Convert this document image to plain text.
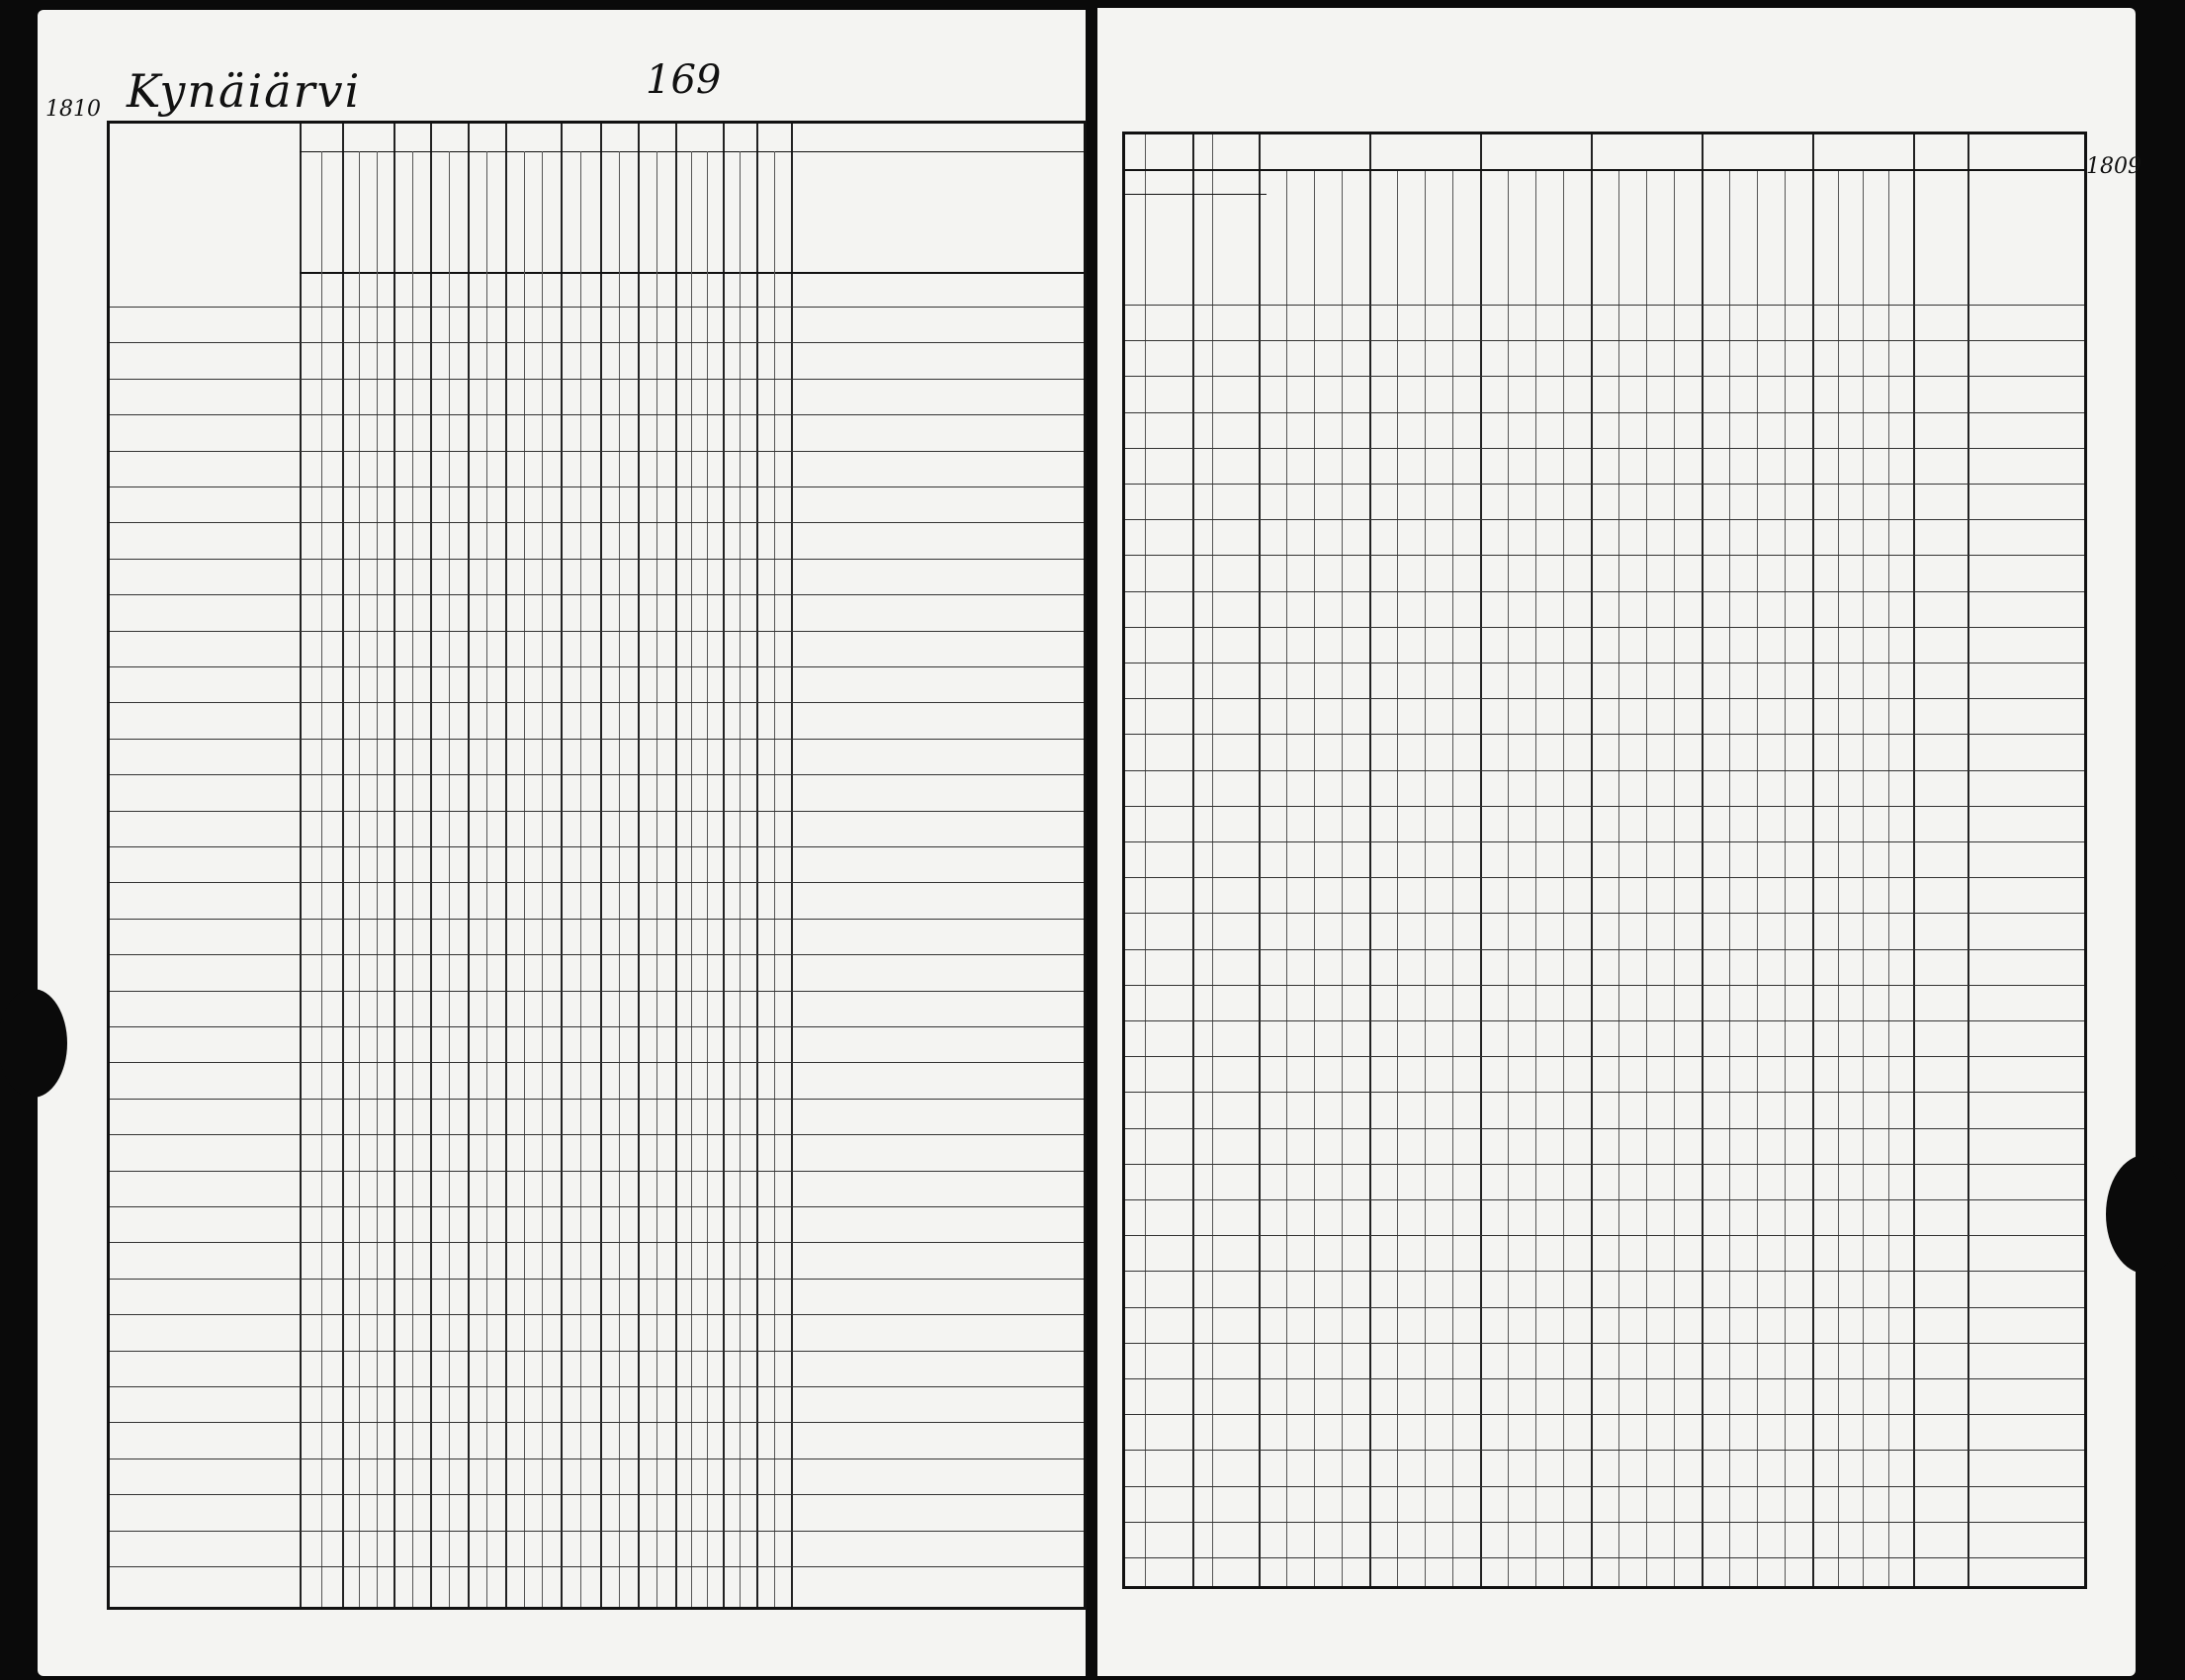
1810 Kynäiärvi	169
1809
